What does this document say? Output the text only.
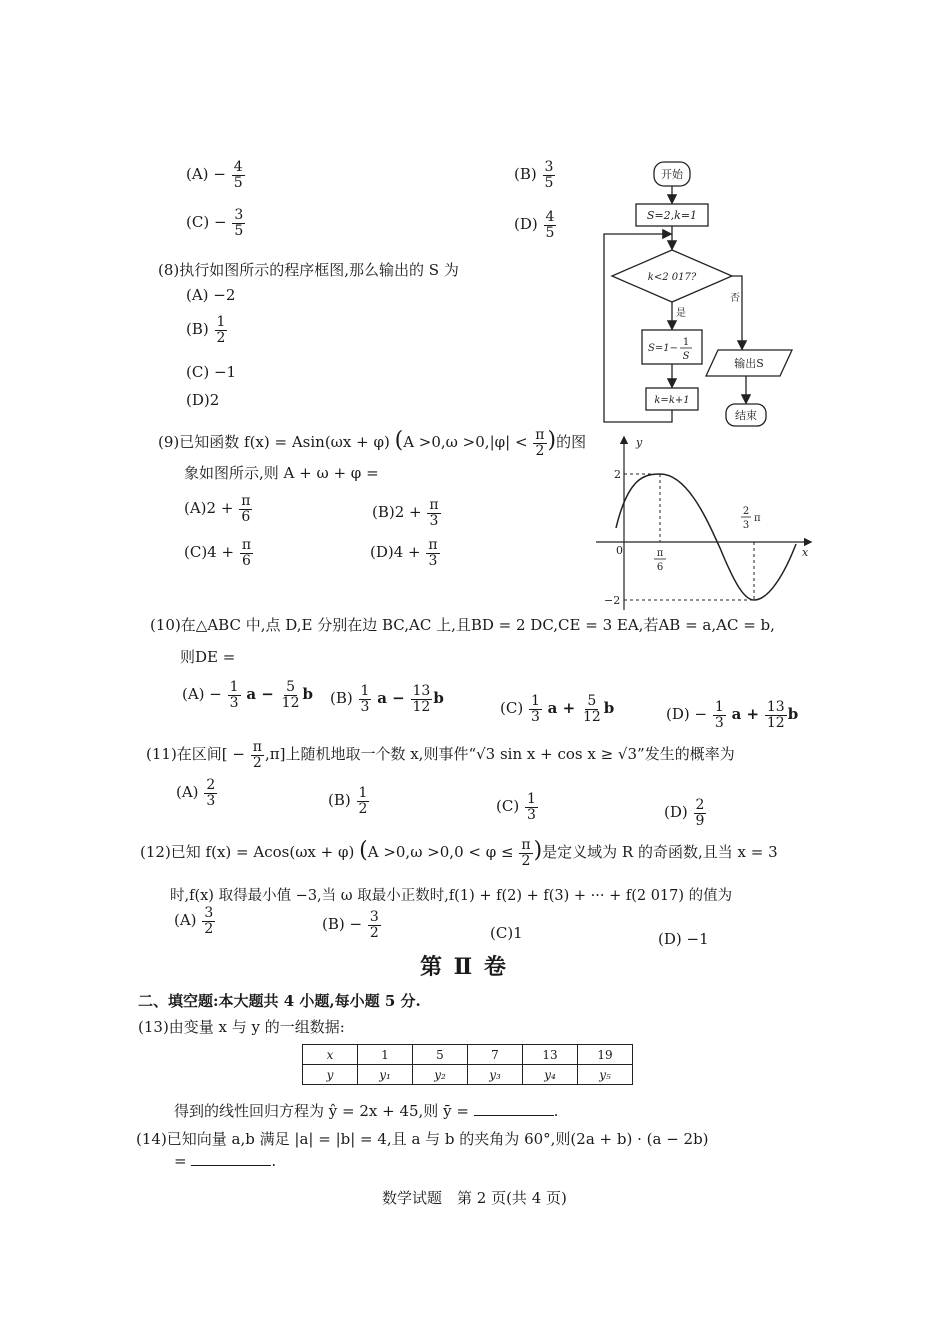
$(A) - \frac{4}{5}$	$(B) \frac{3}{5}$
$(C) - \frac{3}{5}$	$(D) \frac{4}{5}$
(8)执行如图所示的程序框图,那么输出的 S 为
(A) −2
$(B) \frac{1}{2}$
(C) −1
(D)2
开始
S=2,k=1
k<2 017?
是
否
S=1−
1
S
输出S
k=k+1
结束
(9)已知函数 f(x) = Asin(ωx + φ) ($A >0,\omega >0,|\varphi| < \frac{\pi}{2}$ )的图
象如图所示,则 A + ω + φ =
$(A)2 + \frac{\pi}{6}$	$(B)2 + \frac{\pi}{3}$
$(C)4 + \frac{\pi}{6}$	$(D)4 + \frac{\pi}{3}$
y
x
0
2
−2
π
6
2
3
π
(10)在△ABC 中,点 D,E 分别在边 BC,AC 上,且BD = 2 DC,CE = 3 EA,若AB = a,AC = b,
则DE =
$(A) - \frac{1}{3}$ $a - \frac{5}{12}$ b $(B) \frac{1}{3}$ $a - \frac{13}{12}$ b
$(C) \frac{1}{3}$ $a + \frac{5}{12}$ b	$(D) - \frac{1}{3}$ $a + \frac{13}{12}$ b
(11)在区间[ − $\frac{\pi}{2} ,\pi$]上随机地取一个数 x,则事件“√3 sin x + cos x ≥ √3”发生的概率为
$(A) \frac{2}{3}$	$(B) \frac{1}{2}$	$(C) \frac{1}{3}$	$(D) \frac{2}{9}$
(12)已知 f(x) = Acos(ωx + φ) ($A >0,\omega >0,0 < \varphi \le \frac{\pi}{2}$ )是定义域为 R 的奇函数,且当 x = 3
时,f(x) 取得最小值 −3,当 ω 取最小正数时,f(1) + f(2) + f(3) + ··· + f(2 017) 的值为
$(A) \frac{3}{2}$	$(B) - \frac{3}{2}$	(C)1	(D) −1
第 Ⅱ 卷
二、填空题:本大题共 4 小题,每小题 5 分.
(13)由变量 x 与 y 的一组数据:
x	1	5	7	13	19
y	y₁	y₂	y₃	y₄	y₅
得到的线性回归方程为 ŷ = 2x + 45,则 ȳ =	.
(14)已知向量 a,b 满足 |a| = |b| = 4,且 a 与 b 的夹角为 60°,则(2a + b) · (a − 2b)
=	.
数学试题　第 2 页(共 4 页)
